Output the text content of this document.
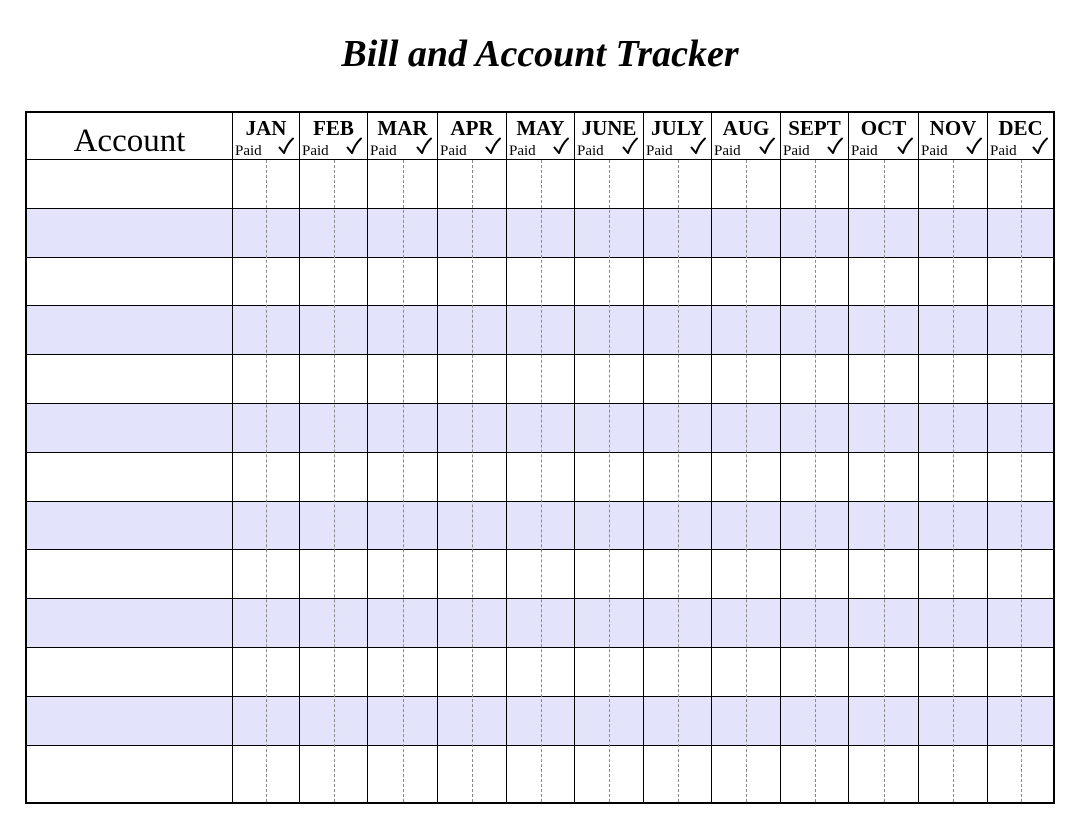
Bill and Account Tracker
Account	JAN
Paid
FEB
Paid
MAR
Paid
APR
Paid
MAY
Paid
JUNE
Paid
JULY
Paid
AUG
Paid
SEPT
Paid
OCT
Paid
NOV
Paid
DEC
Paid
